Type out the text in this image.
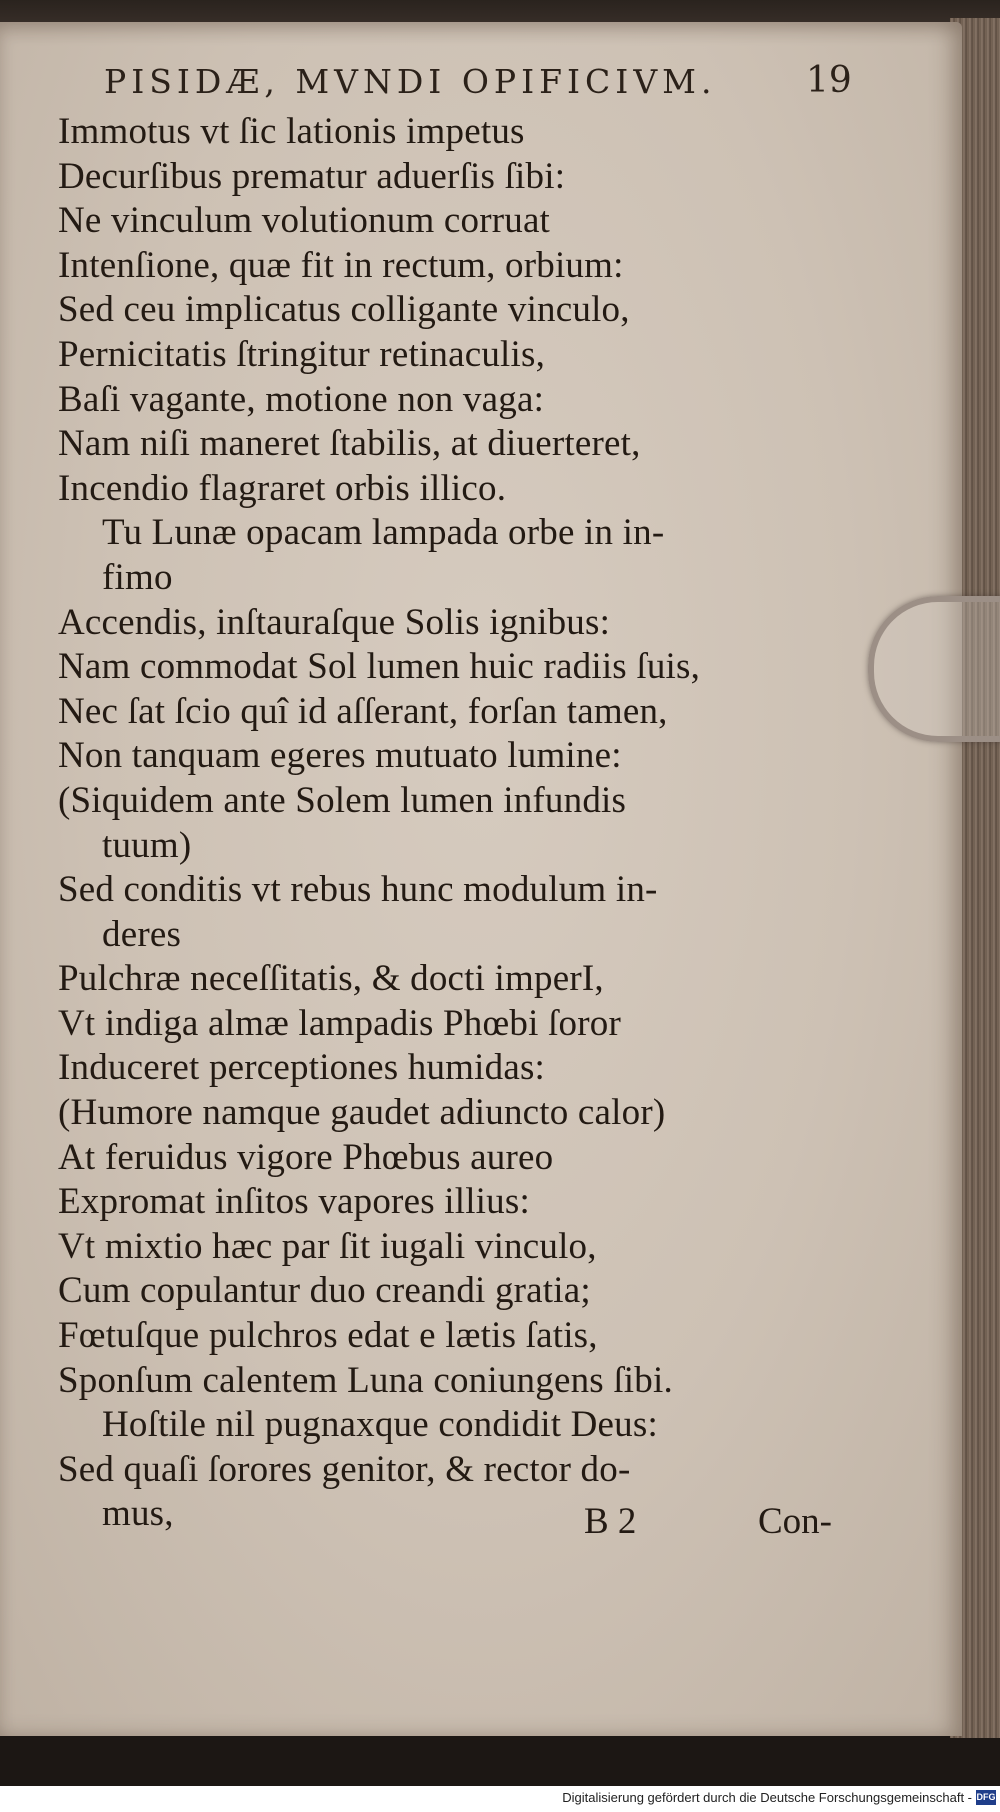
PISIDÆ, MVNDI OPIFICIVM. 19
Immotus vt ſic lationis impetus
Decurſibus prematur aduerſis ſibi:
Ne vinculum volutionum corruat
Intenſione, quæ fit in rectum, orbium:
Sed ceu implicatus colligante vinculo,
Pernicitatis ſtringitur retinaculis,
Baſi vagante, motione non vaga:
Nam niſi maneret ſtabilis, at diuerteret,
Incendio flagraret orbis illico.
Tu Lunæ opacam lampada orbe in in-
fimo
Accendis, inſtauraſque Solis ignibus:
Nam commodat Sol lumen huic radiis ſuis,
Nec ſat ſcio quî id aſſerant, forſan tamen,
Non tanquam egeres mutuato lumine:
(Siquidem ante Solem lumen infundis
tuum)
Sed conditis vt rebus hunc modulum in-
deres
Pulchræ neceſſitatis, & docti imperI,
Vt indiga almæ lampadis Phœbi ſoror
Induceret perceptiones humidas:
(Humore namque gaudet adiuncto calor)
At feruidus vigore Phœbus aureo
Expromat inſitos vapores illius:
Vt mixtio hæc par ſit iugali vinculo,
Cum copulantur duo creandi gratia;
Fœtuſque pulchros edat e lætis ſatis,
Sponſum calentem Luna coniungens ſibi.
Hoſtile nil pugnaxque condidit Deus:
Sed quaſi ſorores genitor, & rector do-
mus,	B 2	Con-
Digitalisierung gefördert durch die Deutsche Forschungsgemeinschaft - DFG
